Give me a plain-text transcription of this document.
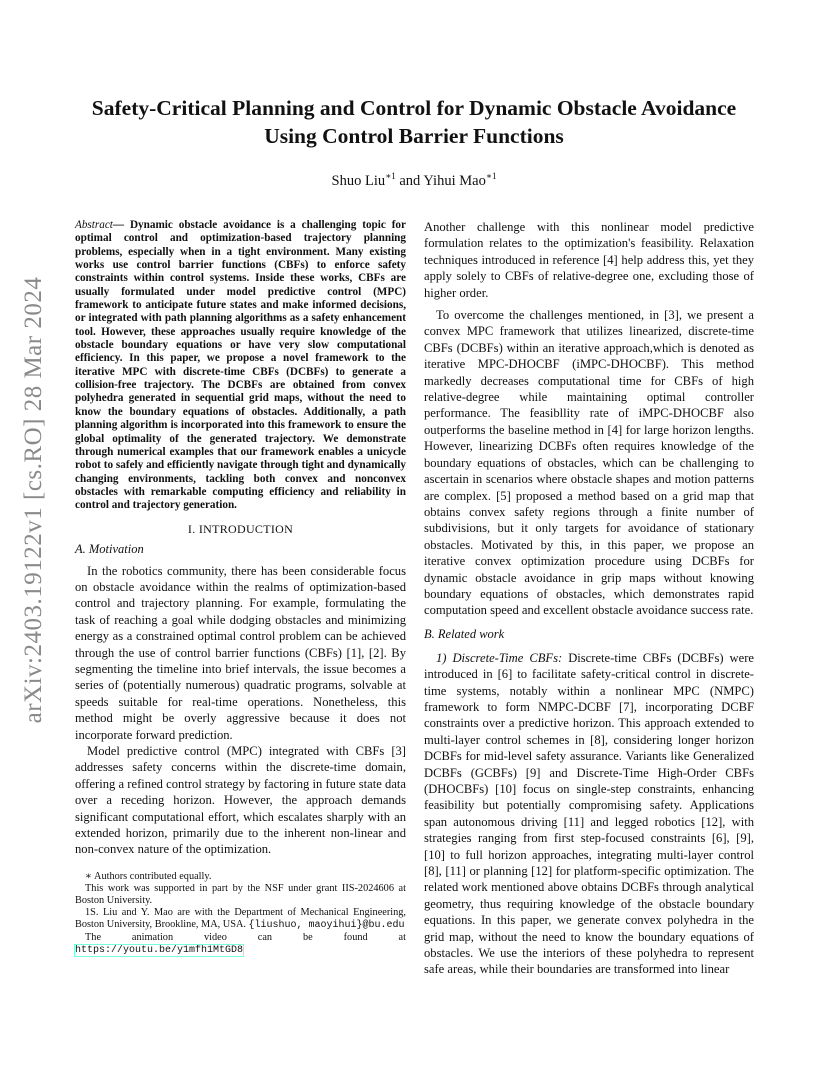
arXiv:2403.19122v1 [cs.RO] 28 Mar 2024
Safety-Critical Planning and Control for Dynamic Obstacle Avoidance Using Control Barrier Functions
Shuo Liu$^{∗1}$ and Yihui Mao$^{∗1}$

Abstract— Dynamic obstacle avoidance is a challenging topic for optimal control and optimization-based trajectory planning problems, especially when in a tight environment. Many existing works use control barrier functions (CBFs) to enforce safety constraints within control systems. Inside these works, CBFs are usually formulated under model predictive control (MPC) framework to anticipate future states and make informed decisions, or integrated with path planning algorithms as a safety enhancement tool. However, these approaches usually require knowledge of the obstacle boundary equations or have very slow computational efficiency. In this paper, we propose a novel framework to the iterative MPC with discrete-time CBFs (DCBFs) to generate a collision-free trajectory. The DCBFs are obtained from convex polyhedra generated in sequential grid maps, without the need to know the boundary equations of obstacles. Additionally, a path planning algorithm is incorporated into this framework to ensure the global optimality of the generated trajectory. We demonstrate through numerical examples that our framework enables a unicycle robot to safely and efficiently navigate through tight and dynamically changing environments, tackling both convex and nonconvex obstacles with remarkable computing efficiency and reliability in control and trajectory generation.

I. INTRODUCTION
A. Motivation

In the robotics community, there has been considerable focus on obstacle avoidance within the realms of optimization-based control and trajectory planning. For example, formulating the task of reaching a goal while dodging obstacles and minimizing energy as a constrained optimal control problem can be achieved through the use of control barrier functions (CBFs) [1], [2]. By segmenting the timeline into brief intervals, the issue becomes a series of (potentially numerous) quadratic programs, solvable at speeds suitable for real-time operations. Nonetheless, this method might be overly aggressive because it does not incorporate forward prediction.

Model predictive control (MPC) integrated with CBFs [3] addresses safety concerns within the discrete-time domain, offering a refined control strategy by factoring in future state data over a receding horizon. However, the approach demands significant computational effort, which escalates sharply with an extended horizon, primarily due to the inherent non-linear and non-convex nature of the optimization.

∗ Authors contributed equally.

This work was supported in part by the NSF under grant IIS-2024606 at Boston University.

1S. Liu and Y. Mao are with the Department of Mechanical Engineering, Boston University, Brookline, MA, USA. {liushuo, maoyihui}@bu.edu

The animation video can be found at https://youtu.be/y1mfh1MtGD8

Another challenge with this nonlinear model predictive formulation relates to the optimization's feasibility. Relaxation techniques introduced in reference [4] help address this, yet they apply solely to CBFs of relative-degree one, excluding those of higher order.

To overcome the challenges mentioned, in [3], we present a convex MPC framework that utilizes linearized, discrete-time CBFs (DCBFs) within an iterative approach,which is denoted as iterative MPC-DHOCBF (iMPC-DHOCBF). This method markedly decreases computational time for CBFs of high relative-degree while maintaining optimal controller performance. The feasibllity rate of iMPC-DHOCBF also outperforms the baseline method in [4] for large horizon lengths. However, linearizing DCBFs often requires knowledge of the boundary equations of obstacles, which can be challenging to ascertain in scenarios where obstacle shapes and motion patterns are complex. [5] proposed a method based on a grid map that obtains convex safety regions through a finite number of subdivisions, but it only targets for avoidance of stationary obstacles. Motivated by this, in this paper, we propose an iterative convex optimization procedure using DCBFs for dynamic obstacle avoidance in grip maps without knowing boundary equations of obstacles, which demonstrates rapid computation speed and excellent obstacle avoidance success rate.

B. Related work

1) Discrete-Time CBFs: Discrete-time CBFs (DCBFs) were introduced in [6] to facilitate safety-critical control in discrete-time systems, notably within a nonlinear MPC (NMPC) framework to form NMPC-DCBF [7], incorporating DCBF constraints over a predictive horizon. This approach extended to multi-layer control schemes in [8], considering longer horizon DCBFs for mid-level safety assurance. Variants like Generalized DCBFs (GCBFs) [9] and Discrete-Time High-Order CBFs (DHOCBFs) [10] focus on single-step constraints, enhancing feasibility but potentially compromising safety. Applications span autonomous driving [11] and legged robotics [12], with strategies ranging from first step-focused constraints [6], [9], [10] to full horizon approaches, integrating multi-layer control [8], [11] or planning [12] for platform-specific optimization. The related work mentioned above obtains DCBFs through analytical geometry, thus requiring knowledge of the obstacle boundary equations. In this paper, we generate convex polyhedra in the grid map, without the need to know the boundary equations of obstacles. We use the interiors of these polyhedra to represent safe areas, while their boundaries are transformed into linear
